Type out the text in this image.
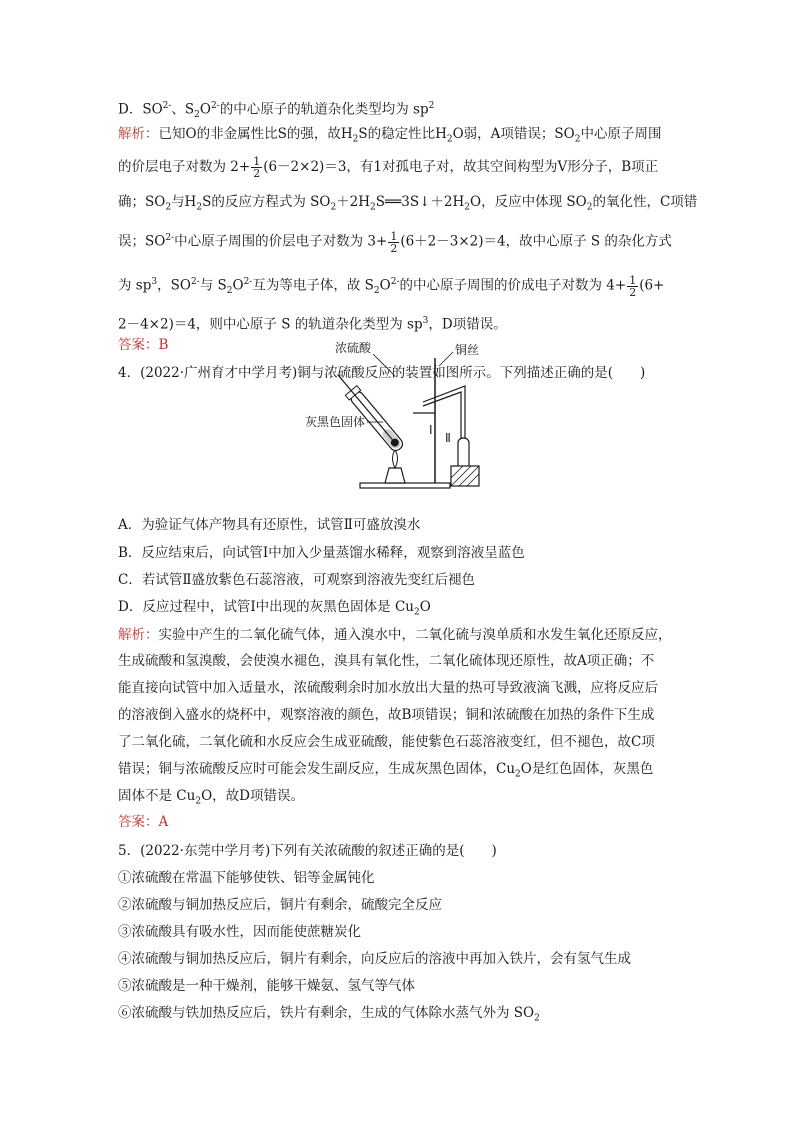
D．$SO^{2-}$、$S_2O^{2-}$的中心原子的轨道杂化类型均为 $sp^2$
解析：已知O的非金属性比S的强，故$H_2S$的稳定性比$H_2O$弱，A项错误；$SO_2$中心原子周围
的价层电子对数为 $2+ \frac{1}{2} (6-2\times 2)=3$，有1对孤电子对，故其空间构型为V形分子，B项正
确；$SO_2$与$H_2S$的反应方程式为 $SO_2+2H_2S══3S↓+2H_2O$，反应中体现 $SO_2$的氧化性，C项错
误；$SO^{2-}$中心原子周围的价层电子对数为 $3+ \frac{1}{2} (6+2-3\times 2)=4$，故中心原子 S 的杂化方式
为 $sp^3$，$SO^{2-}$与 $S_2O^{2-}$互为等电子体，故 $S_2O^{2-}$的中心原子周围的价成电子对数为 $4+ \frac{1}{2} (6+$
2－4×2)＝4，则中心原子 S 的轨道杂化类型为 $sp^3$，D项错误。
答案：B
4．(2022·广州育才中学月考)铜与浓硫酸反应的装置如图所示。下列描述正确的是(　　)
浓硫酸	铜丝
灰黑色固体
Ⅰ
Ⅱ
A．为验证气体产物具有还原性，试管Ⅱ可盛放溴水
B．反应结束后，向试管Ⅰ中加入少量蒸馏水稀释，观察到溶液呈蓝色
C．若试管Ⅱ盛放紫色石蕊溶液，可观察到溶液先变红后褪色
D．反应过程中，试管Ⅰ中出现的灰黑色固体是 $Cu_2O$
解析：实验中产生的二氧化硫气体，通入溴水中，二氧化硫与溴单质和水发生氧化还原反应，
生成硫酸和氢溴酸，会使溴水褪色，溴具有氧化性，二氧化硫体现还原性，故A项正确；不
能直接向试管中加入适量水，浓硫酸剩余时加水放出大量的热可导致液滴飞溅，应将反应后
的溶液倒入盛水的烧杯中，观察溶液的颜色，故B项错误；铜和浓硫酸在加热的条件下生成
了二氧化硫，二氧化硫和水反应会生成亚硫酸，能使紫色石蕊溶液变红，但不褪色，故C项
错误；铜与浓硫酸反应时可能会发生副反应，生成灰黑色固体，$Cu_2O$是红色固体，灰黑色
固体不是 $Cu_2O$，故D项错误。
答案：A
5．(2022·东莞中学月考)下列有关浓硫酸的叙述正确的是(　　)
①浓硫酸在常温下能够使铁、铝等金属钝化
②浓硫酸与铜加热反应后，铜片有剩余，硫酸完全反应
③浓硫酸具有吸水性，因而能使蔗糖炭化
④浓硫酸与铜加热反应后，铜片有剩余，向反应后的溶液中再加入铁片，会有氢气生成
⑤浓硫酸是一种干燥剂，能够干燥氨、氢气等气体
⑥浓硫酸与铁加热反应后，铁片有剩余，生成的气体除水蒸气外为 $SO_2$
